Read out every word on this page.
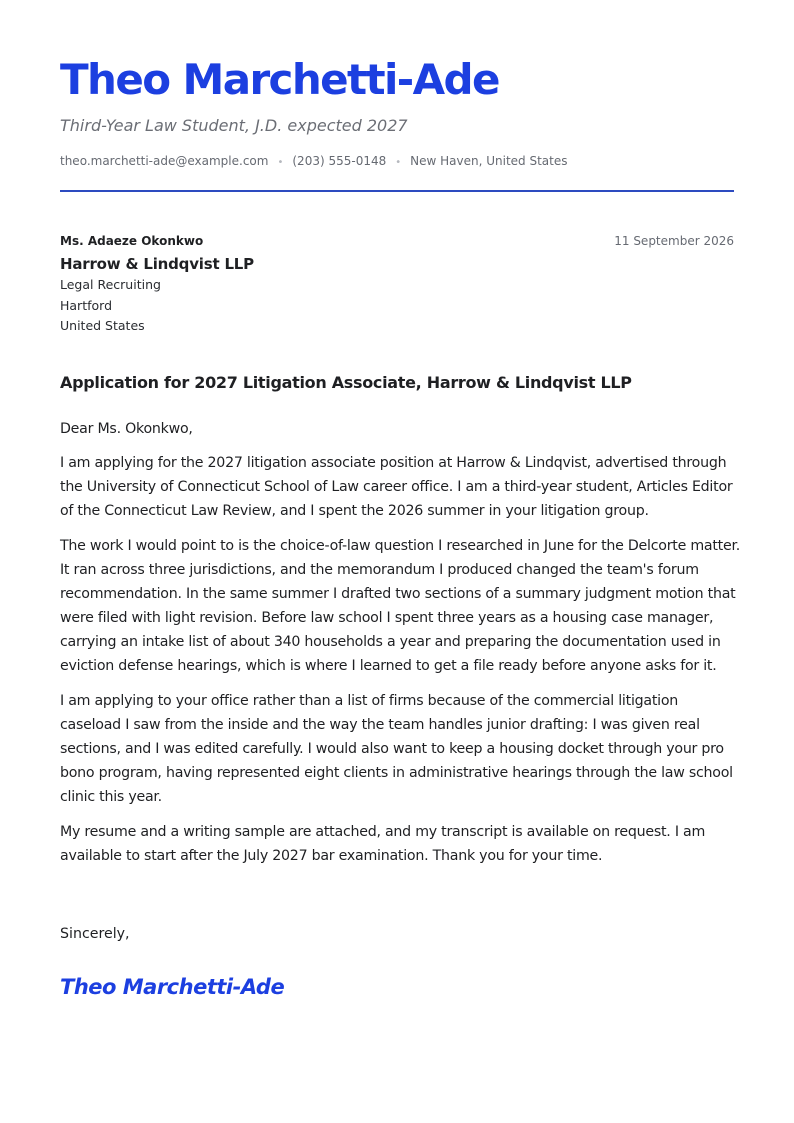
Theo Marchetti-Ade
Third-Year Law Student, J.D. expected 2027
theo.marchetti-ade@example.com • (203) 555-0148 • New Haven, United States
Ms. Adaeze Okonkwo	11 September 2026
Harrow & Lindqvist LLP
Legal Recruiting
Hartford
United States
Application for 2027 Litigation Associate, Harrow & Lindqvist LLP

Dear Ms. Okonkwo,

I am applying for the 2027 litigation associate position at Harrow & Lindqvist, advertised through the University of Connecticut School of Law career office. I am a third-year student, Articles Editor of the Connecticut Law Review, and I spent the 2026 summer in your litigation group.

The work I would point to is the choice-of-law question I researched in June for the Delcorte matter. It ran across three jurisdictions, and the memorandum I produced changed the team's forum recommendation. In the same summer I drafted two sections of a summary judgment motion that were filed with light revision. Before law school I spent three years as a housing case manager, carrying an intake list of about 340 households a year and preparing the documentation used in eviction defense hearings, which is where I learned to get a file ready before anyone asks for it.

I am applying to your office rather than a list of firms because of the commercial litigation caseload I saw from the inside and the way the team handles junior drafting: I was given real sections, and I was edited carefully. I would also want to keep a housing docket through your pro bono program, having represented eight clients in administrative hearings through the law school clinic this year.

My resume and a writing sample are attached, and my transcript is available on request. I am available to start after the July 2027 bar examination. Thank you for your time.

Sincerely,
Theo Marchetti-Ade
